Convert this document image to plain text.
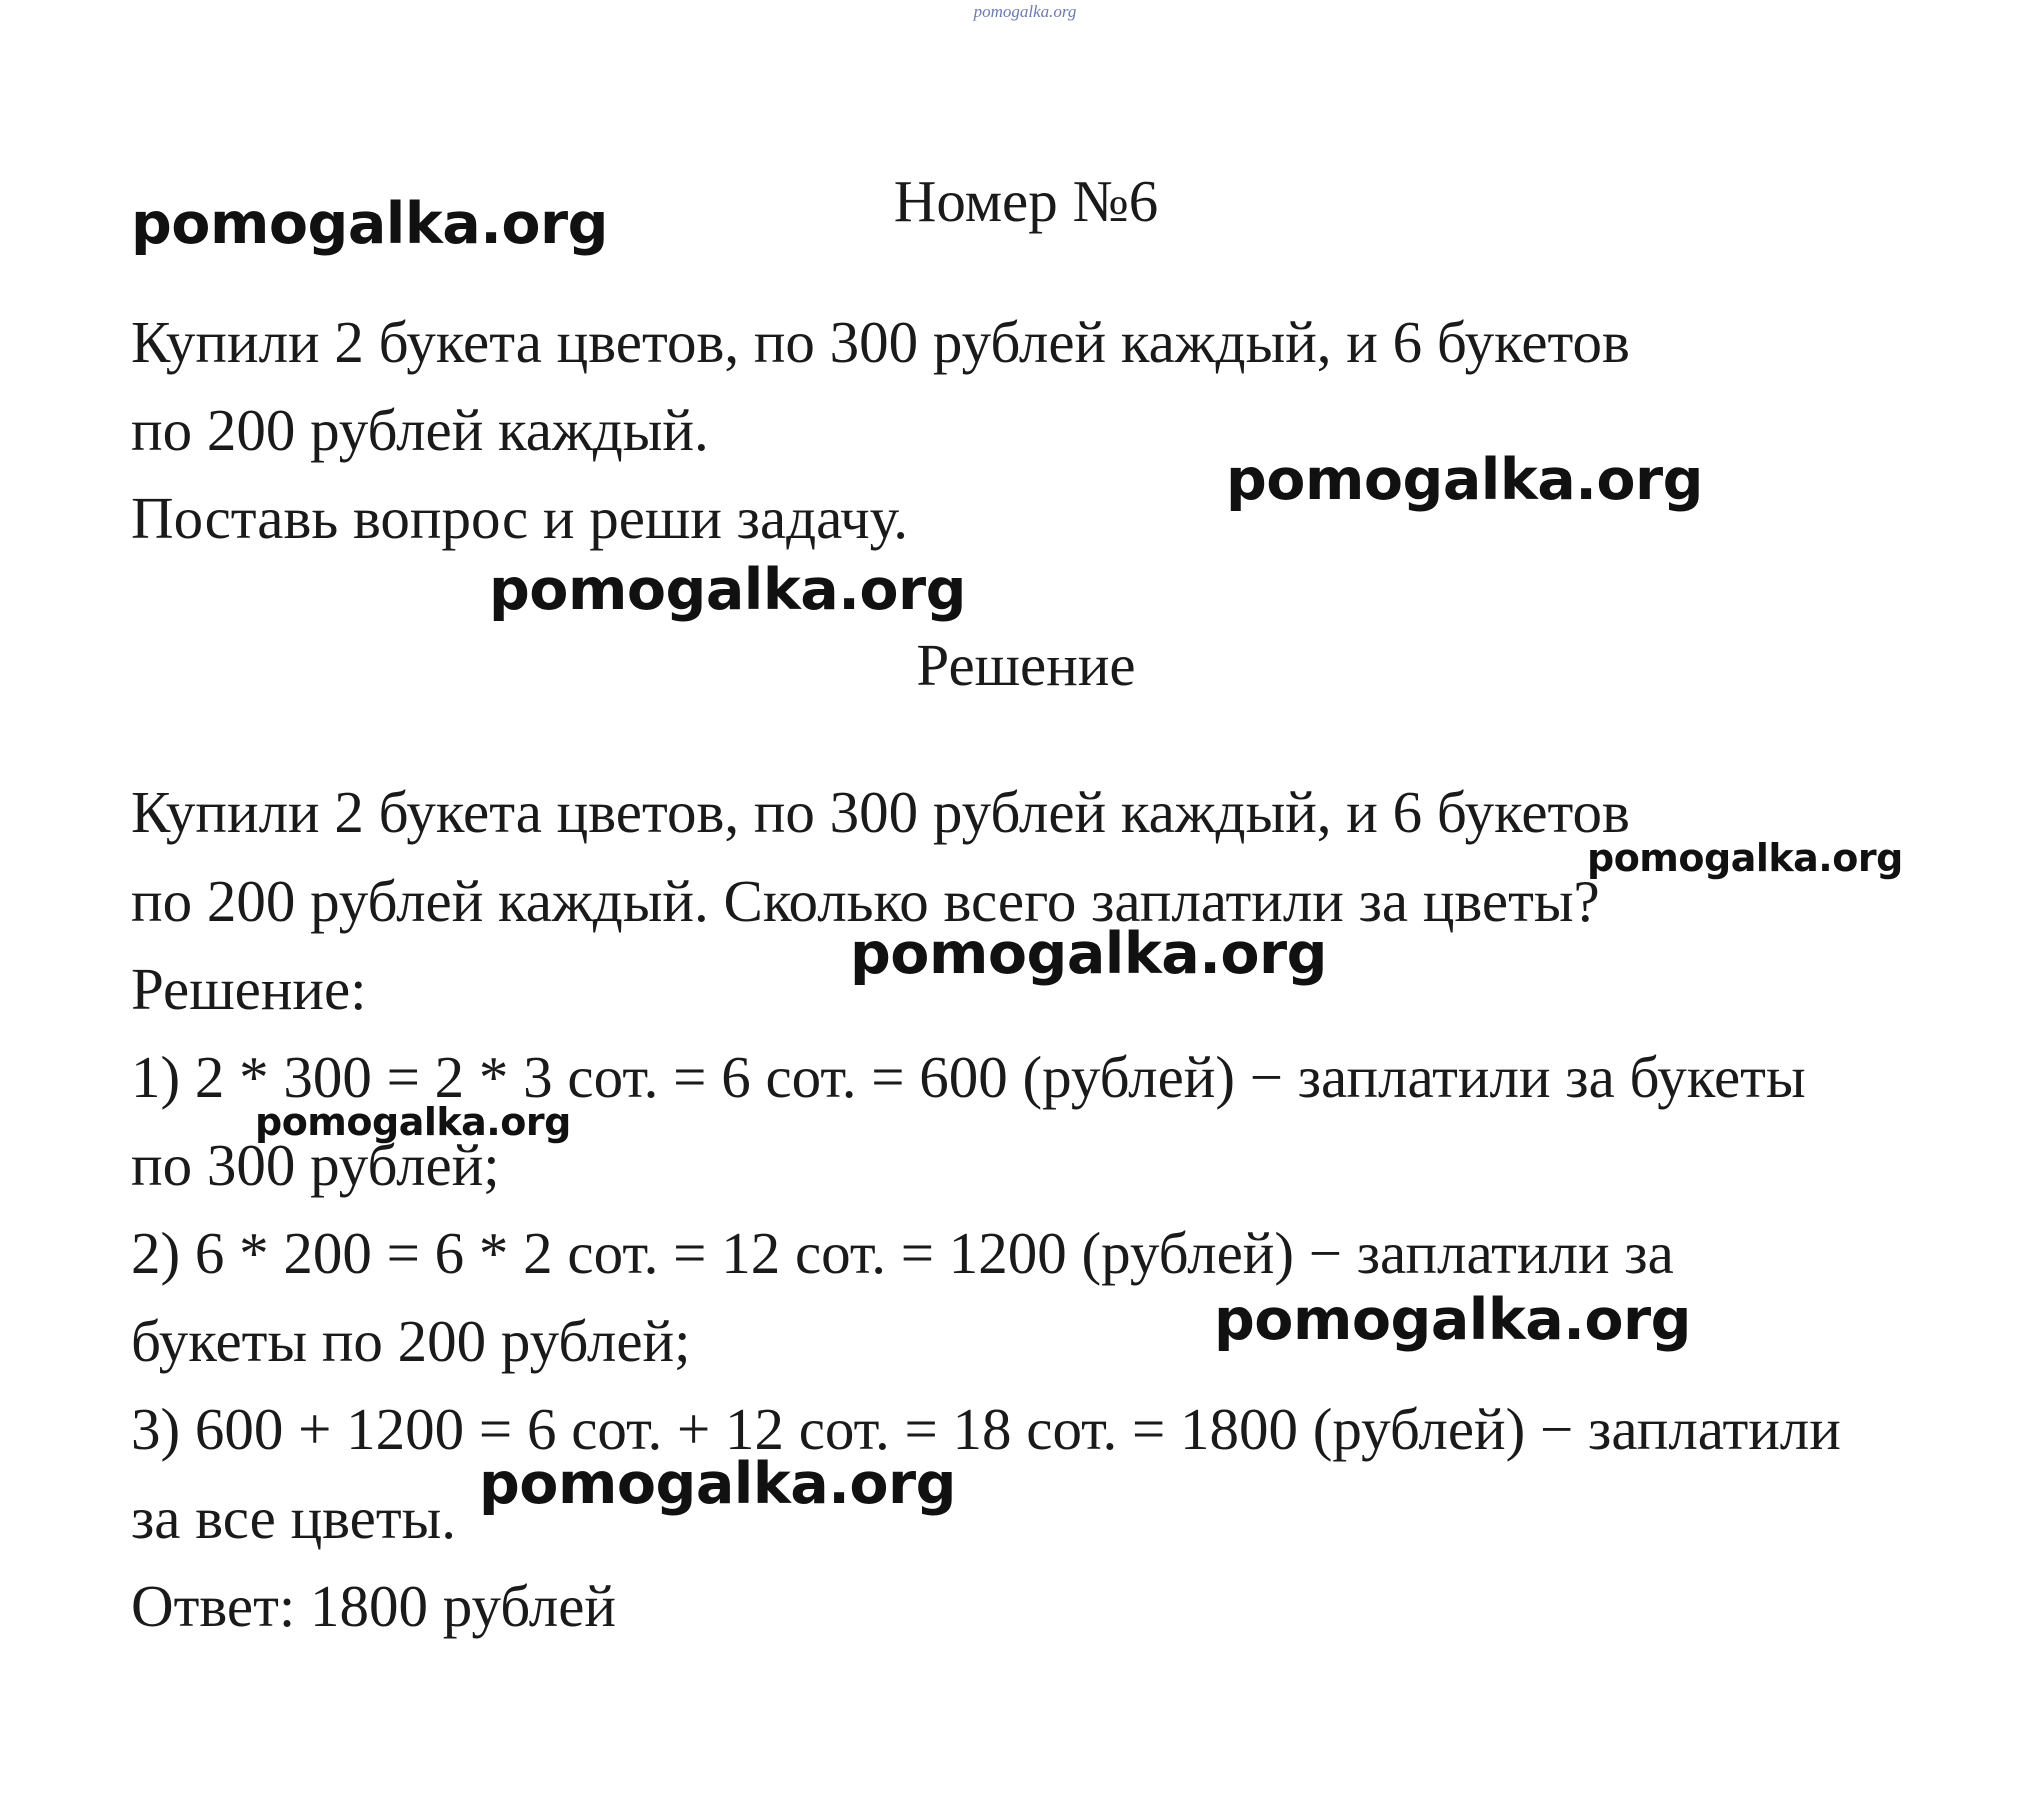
pomogalka.org
Номер №6
Купили 2 букета цветов, по 300 рублей каждый, и 6 букетов
по 200 рублей каждый.
Поставь вопрос и реши задачу.
Решение
Купили 2 букета цветов, по 300 рублей каждый, и 6 букетов
по 200 рублей каждый. Сколько всего заплатили за цветы?
Решение:
1) 2 * 300 = 2 * 3 сот. = 6 сот. = 600 (рублей) − заплатили за букеты
по 300 рублей;
2) 6 * 200 = 6 * 2 сот. = 12 сот. = 1200 (рублей) − заплатили за
букеты по 200 рублей;
3) 600 + 1200 = 6 сот. + 12 сот. = 18 сот. = 1800 (рублей) − заплатили
за все цветы.
Ответ: 1800 рублей
pomogalka.org
pomogalka.org
pomogalka.org
pomogalka.org
pomogalka.org
pomogalka.org
pomogalka.org
pomogalka.org
